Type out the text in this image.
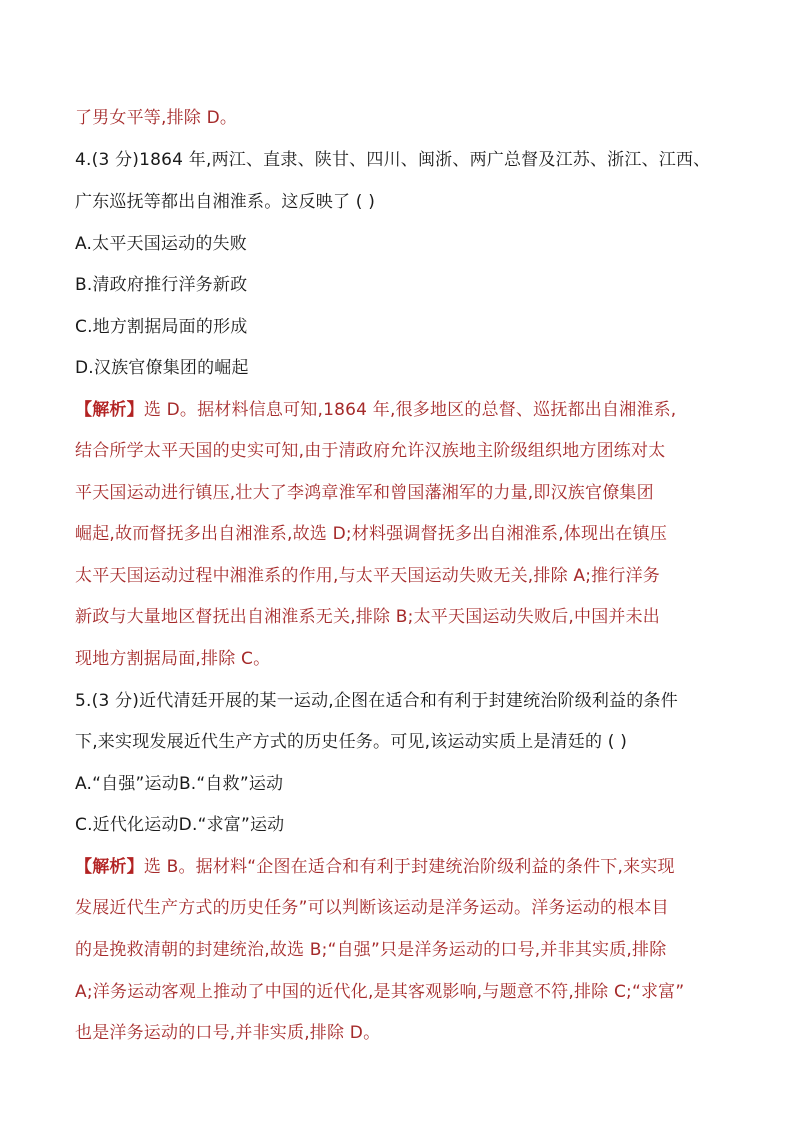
了男女平等,排除 D。
4.(3 分)1864 年,两江、直隶、陕甘、四川、闽浙、两广总督及江苏、浙江、江西、
广东巡抚等都出自湘淮系。这反映了 ( )
A.太平天国运动的失败
B.清政府推行洋务新政
C.地方割据局面的形成
D.汉族官僚集团的崛起
【解析】选 D。据材料信息可知,1864 年,很多地区的总督、巡抚都出自湘淮系,
结合所学太平天国的史实可知,由于清政府允许汉族地主阶级组织地方团练对太
平天国运动进行镇压,壮大了李鸿章淮军和曾国藩湘军的力量,即汉族官僚集团
崛起,故而督抚多出自湘淮系,故选 D;材料强调督抚多出自湘淮系,体现出在镇压
太平天国运动过程中湘淮系的作用,与太平天国运动失败无关,排除 A;推行洋务
新政与大量地区督抚出自湘淮系无关,排除 B;太平天国运动失败后,中国并未出
现地方割据局面,排除 C。
5.(3 分)近代清廷开展的某一运动,企图在适合和有利于封建统治阶级利益的条件
下,来实现发展近代生产方式的历史任务。可见,该运动实质上是清廷的 ( )
A.“自强”运动B.“自救”运动
C.近代化运动D.“求富”运动
【解析】选 B。据材料“企图在适合和有利于封建统治阶级利益的条件下,来实现
发展近代生产方式的历史任务”可以判断该运动是洋务运动。洋务运动的根本目
的是挽救清朝的封建统治,故选 B;“自强”只是洋务运动的口号,并非其实质,排除
A;洋务运动客观上推动了中国的近代化,是其客观影响,与题意不符,排除 C;“求富”
也是洋务运动的口号,并非实质,排除 D。
